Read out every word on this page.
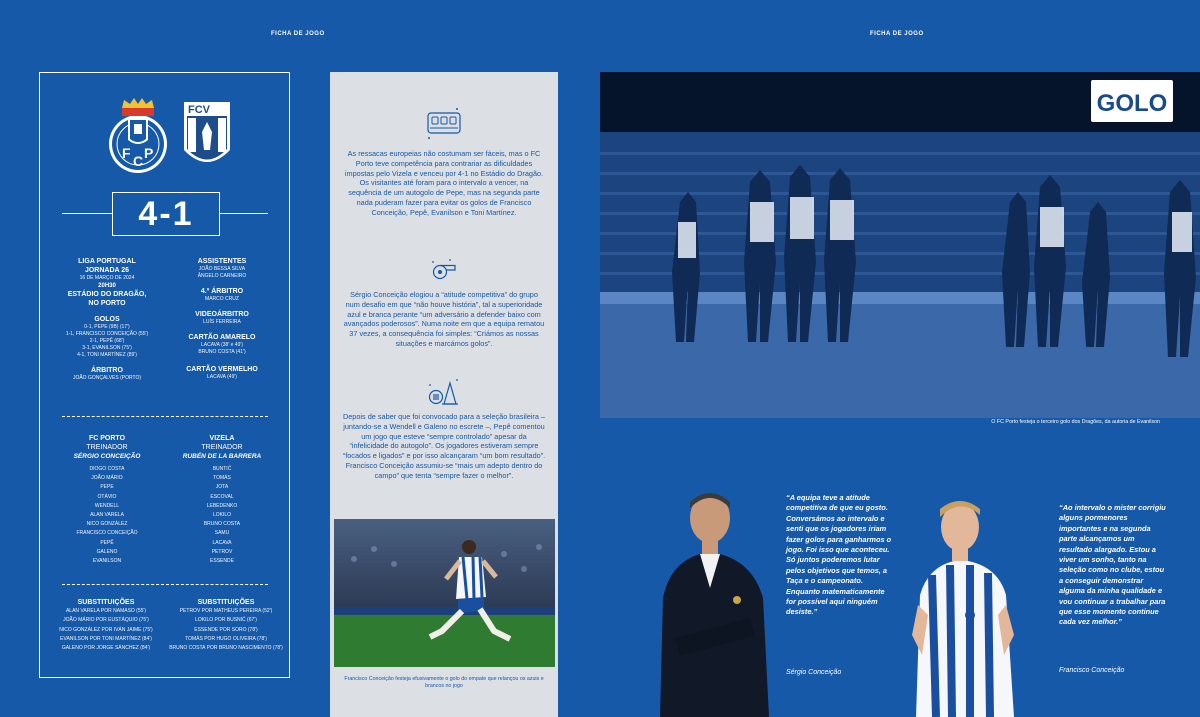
FICHA DE JOGO	FICHA DE JOGO
F C P
FCV
4-1
LIGA PORTUGAL
JORNADA 26
16 DE MARÇO DE 2024
20H30
ESTÁDIO DO DRAGÃO,
NO PORTO
GOLOS
0-1, PEPE (9B) (17')
1-1, FRANCISCO CONCEIÇÃO (55')
2-1, PEPÊ (68')
3-1, EVANILSON (75')
4-1, TONI MARTÍNEZ (89')
ÁRBITRO
JOÃO GONÇALVES (PORTO)
ASSISTENTES
JOÃO BESSA SILVA
ÂNGELO CARNEIRO
4.º ÁRBITRO
MARCO CRUZ
VIDEOÁRBITRO
LUÍS FERREIRA
CARTÃO AMARELO
LACAVA (38' e 49')
BRUNO COSTA (41')
CARTÃO VERMELHO
LACAVA (49')
FC PORTO
TREINADOR
SÉRGIO CONCEIÇÃO
DIOGO COSTA
JOÃO MÁRIO
PEPE
OTÁVIO
WENDELL
ALAN VARELA
NICO GONZÁLEZ
FRANCISCO CONCEIÇÃO
PEPÊ
GALENO
EVANILSON
VIZELA
TREINADOR
RUBÉN DE LA BARRERA
BUNTIĆ
TOMÁS
JOTA
ESCOVAL
LEBEDENKO
LOKILO
BRUNO COSTA
SAMU
LACAVA
PETROV
ESSENDE
SUBSTITUIÇÕES
ALAN VARELA POR NAMASO (55')
JOÃO MÁRIO POR EUSTÁQUIO (75')
NICO GONZÁLEZ POR IVÁN JAIME (75')
EVANILSON POR TONI MARTÍNEZ (84')
GALENO POR JORGE SÁNCHEZ (84')
SUBSTITUIÇÕES
PETROV POR MATHEUS PEREIRA (52')
LOKILO POR BUSNIĆ (67')
ESSENDE POR SORO (78')
TOMÁS POR HUGO OLIVEIRA (78')
BRUNO COSTA POR BRUNO NASCIMENTO (78')
As ressacas europeias não costumam ser fáceis, mas o FC Porto teve competência para contrariar as dificuldades impostas pelo Vizela e venceu por 4-1 no Estádio do Dragão. Os visitantes até foram para o intervalo a vencer, na sequência de um autogolo de Pepe, mas na segunda parte nada puderam fazer para evitar os golos de Francisco Conceição, Pepê, Evanilson e Toni Martínez.
Sérgio Conceição elogiou a “atitude competitiva” do grupo num desafio em que “não houve história”, tal a superioridade azul e branca perante “um adversário a defender baixo com avançados poderosos”. Numa noite em que a equipa rematou 37 vezes, a consequência foi simples: “Criámos as nossas situações e marcámos golos”.
Depois de saber que foi convocado para a seleção brasileira – juntando-se a Wendell e Galeno no escrete –, Pepê comentou um jogo que esteve “sempre controlado” apesar da “infelicidade do autogolo”. Os jogadores estiveram sempre “focados e ligados” e por isso alcançaram “um bom resultado”. Francisco Conceição assumiu-se “mais um adepto dentro do campo” que tenta “sempre fazer o melhor”.
Francisco Conceição festeja efusivamente o golo do empate que relançou os azuis e brancos no jogo
GOLO
O FC Porto festeja o terceiro golo dos Dragões, da autoria de Evanilson
“A equipa teve a atitude competitiva de que eu gosto. Conversámos ao intervalo e senti que os jogadores iriam fazer golos para ganharmos o jogo. Foi isso que aconteceu. Só juntos poderemos lutar pelos objetivos que temos, a Taça e o campeonato. Enquanto matematicamente for possível aqui ninguém desiste.”
Sérgio Conceição
“Ao intervalo o mister corrigiu alguns pormenores importantes e na segunda parte alcançamos um resultado alargado. Estou a viver um sonho, tanto na seleção como no clube, estou a conseguir demonstrar alguma da minha qualidade e vou continuar a trabalhar para que esse momento continue cada vez melhor.”
Francisco Conceição
